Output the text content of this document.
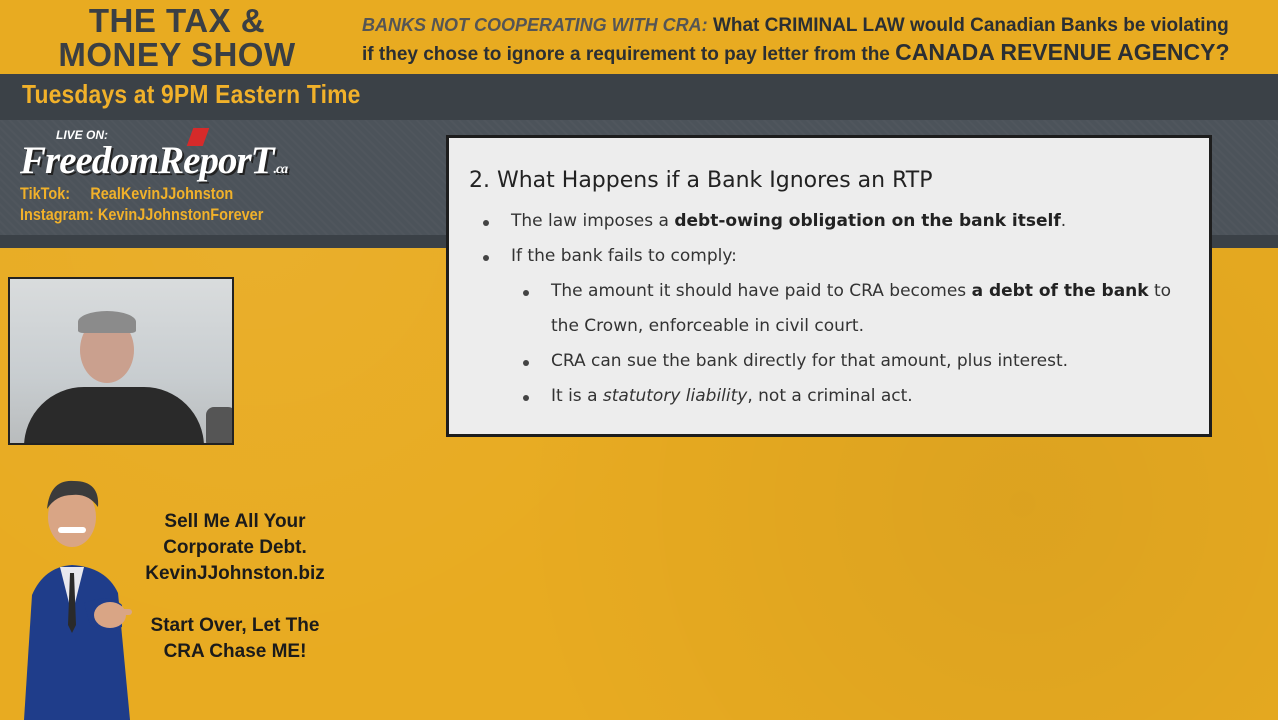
THE TAX &
MONEY SHOW
BANKS NOT COOPERATING WITH CRA: What CRIMINAL LAW would Canadian Banks be violating
if they chose to ignore a requirement to pay letter from the CANADA REVENUE AGENCY?
Tuesdays at 9PM Eastern Time
LIVE ON:
FreedomReporT.ca
TikTok: RealKevinJJohnston
Instagram: KevinJJohnstonForever
2. What Happens if a Bank Ignores an RTP
The law imposes a debt-owing obligation on the bank itself.
If the bank fails to comply:
The amount it should have paid to CRA becomes a debt of the bank to
the Crown, enforceable in civil court.
CRA can sue the bank directly for that amount, plus interest.
It is a statutory liability, not a criminal act.
Sell Me All Your
Corporate Debt.
KevinJJohnston.biz
Start Over, Let The
CRA Chase ME!
